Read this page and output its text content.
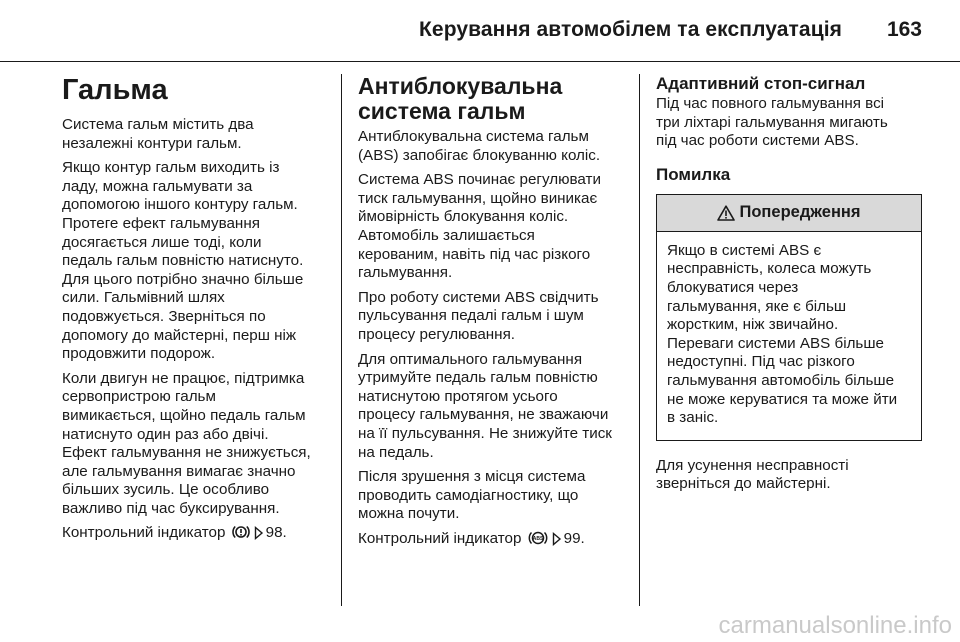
Керування автомобілем та експлуатація 163
Гальма

Система гальм містить два
незалежні контури гальм.

Якщо контур гальм виходить із
ладу, можна гальмувати за
допомогою іншого контуру гальм.
Протеге ефект гальмування
досягається лише тоді, коли
педаль гальм повністю натиснуто.
Для цього потрібно значно більше
сили. Гальмівний шлях
подовжується. Зверніться по
допомогу до майстерні, перш ніж
продовжити подорож.

Коли двигун не працює, підтримка
сервопристрою гальм
вимикається, щойно педаль гальм
натиснуто один раз або двічі.
Ефект гальмування не знижується,
але гальмування вимагає значно
більших зусиль. Це особливо
важливо під час буксирування.

Контрольний індикатор	98.

Антиблокувальна
система гальм

Антиблокувальна система гальм
(ABS) запобігає блокуванню коліс.

Система ABS починає регулювати
тиск гальмування, щойно виникає
ймовірність блокування коліс.
Автомобіль залишається
керованим, навіть під час різкого
гальмування.

Про роботу системи ABS свідчить
пульсування педалі гальм і шум
процесу регулювання.

Для оптимального гальмування
утримуйте педаль гальм повністю
натиснутою протягом усього
процесу гальмування, не зважаючи
на її пульсування. Не знижуйте тиск
на педаль.

Після зрушення з місця система
проводить самодіагностику, що
можна почути.

Контрольний індикатор ABS 99.

Адаптивний стоп-сигнал

Під час повного гальмування всі
три ліхтарі гальмування мигають
під час роботи системи ABS.

Помилка
Попередження
Якщо в системі ABS є
несправність, колеса можуть
блокуватися через
гальмування, яке є більш
жорстким, ніж звичайно.
Переваги системи ABS більше
недоступні. Під час різкого
гальмування автомобіль більше
не може керуватися та може йти
в заніс.

Для усунення несправності
зверніться до майстерні.

carmanualsonline.info
